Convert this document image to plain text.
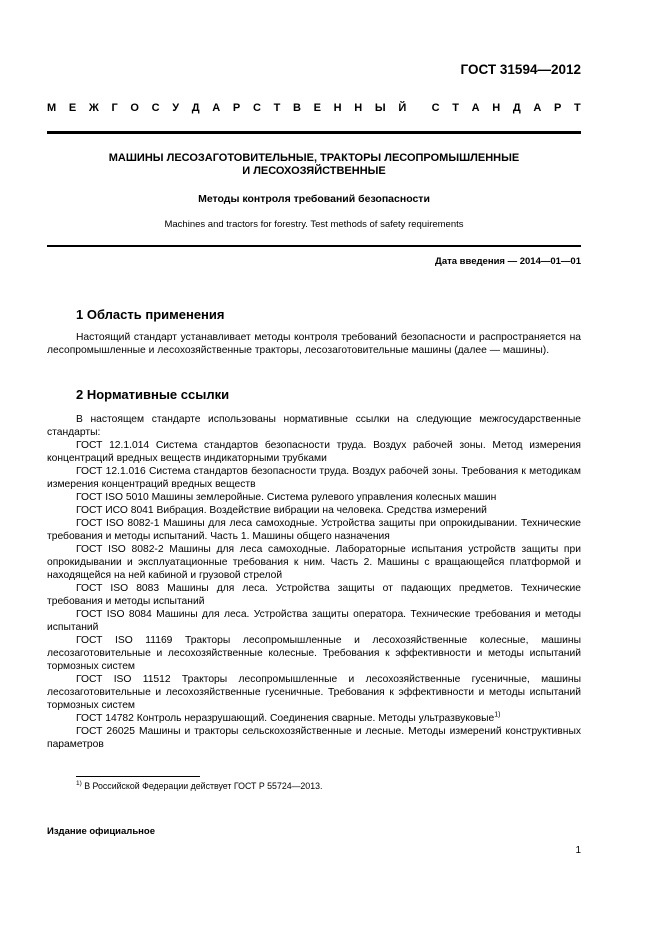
ГОСТ 31594—2012
М Е Ж Г О С У Д А Р С Т В Е Н Н Ы Й С Т А Н Д А Р Т
МАШИНЫ ЛЕСОЗАГОТОВИТЕЛЬНЫЕ, ТРАКТОРЫ ЛЕСОПРОМЫШЛЕННЫЕ
И ЛЕСОХОЗЯЙСТВЕННЫЕ
Методы контроля требований безопасности
Machines and tractors for forestry. Test methods of safety requirements
Дата введения — 2014—01—01
1 Область применения
Настоящий стандарт устанавливает методы контроля требований безопасности и распространяется на лесопромышленные и лесохозяйственные тракторы, лесозаготовительные машины (далее — машины).
2 Нормативные ссылки
В настоящем стандарте использованы нормативные ссылки на следующие межгосударственные стандарты:

ГОСТ 12.1.014 Система стандартов безопасности труда. Воздух рабочей зоны. Метод измерения концентраций вредных веществ индикаторными трубками

ГОСТ 12.1.016 Система стандартов безопасности труда. Воздух рабочей зоны. Требования к методикам измерения концентраций вредных веществ

ГОСТ ISO 5010 Машины землеройные. Система рулевого управления колесных машин

ГОСТ ИСО 8041 Вибрация. Воздействие вибрации на человека. Средства измерений

ГОСТ ISO 8082-1 Машины для леса самоходные. Устройства защиты при опрокидывании. Технические требования и методы испытаний. Часть 1. Машины общего назначения

ГОСТ ISO 8082-2 Машины для леса самоходные. Лабораторные испытания устройств защиты при опрокидывании и эксплуатационные требования к ним. Часть 2. Машины с вращающейся платформой и находящейся на ней кабиной и грузовой стрелой

ГОСТ ISO 8083 Машины для леса. Устройства защиты от падающих предметов. Технические требования и методы испытаний

ГОСТ ISO 8084 Машины для леса. Устройства защиты оператора. Технические требования и методы испытаний

ГОСТ ISO 11169 Тракторы лесопромышленные и лесохозяйственные колесные, машины лесозаготовительные и лесохозяйственные колесные. Требования к эффективности и методы испытаний тормозных систем

ГОСТ ISO 11512 Тракторы лесопромышленные и лесохозяйственные гусеничные, машины лесозаготовительные и лесохозяйственные гусеничные. Требования к эффективности и методы испытаний тормозных систем

ГОСТ 14782 Контроль неразрушающий. Соединения сварные. Методы ультразвуковые$^{1)}$

ГОСТ 26025 Машины и тракторы сельскохозяйственные и лесные. Методы измерений конструктивных параметров

$^{1)}$ В Российской Федерации действует ГОСТ Р 55724—2013.
Издание официальное
1
